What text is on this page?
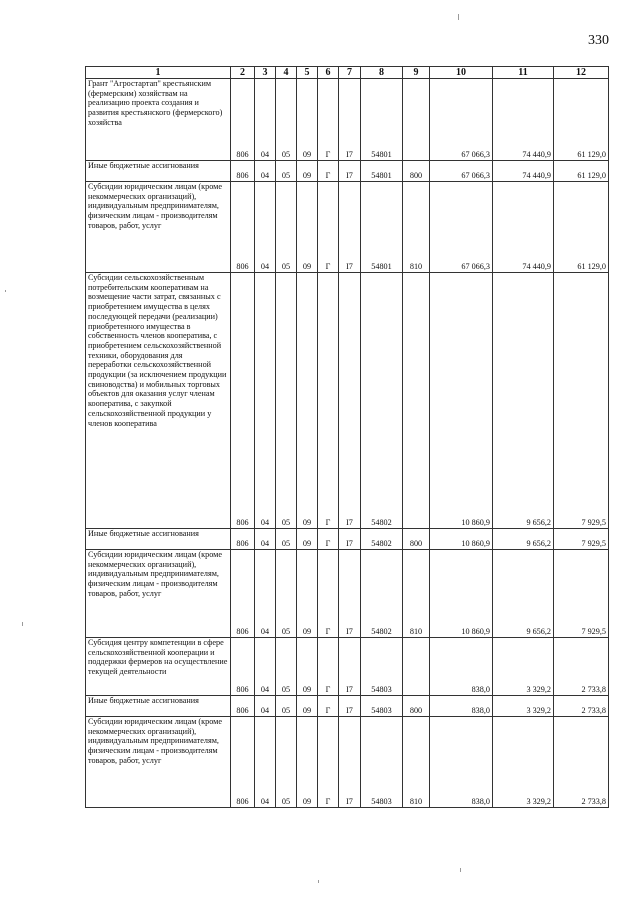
330
1	2	3	4	5	6	7	8	9	10	11	12
Грант "Агростартап" крестьянским (фермерским) хозяйствам на реализацию проекта создания и развития крестьянского (фермерского) хозяйства	806	04	05	09	Г	I7	54801		67 066,3	74 440,9	61 129,0
Иные бюджетные ассигнования	806	04	05	09	Г	I7	54801	800	67 066,3	74 440,9	61 129,0
Субсидии юридическим лицам (кроме некоммерческих организаций), индивидуальным предпринимателям, физическим лицам - производителям товаров, работ, услуг	806	04	05	09	Г	I7	54801	810	67 066,3	74 440,9	61 129,0
Субсидии сельскохозяйственным потребительским кооперативам на возмещение части затрат, связанных с приобретением имущества в целях последующей передачи (реализации) приобретенного имущества в собственность членов кооператива, с приобретением сельскохозяйственной техники, оборудования для переработки сельскохозяйственной продукции (за исключением продукции свиноводства) и мобильных торговых объектов для оказания услуг членам кооператива, с закупкой сельскохозяйственной продукции у членов кооператива	806	04	05	09	Г	I7	54802		10 860,9	9 656,2	7 929,5
Иные бюджетные ассигнования	806	04	05	09	Г	I7	54802	800	10 860,9	9 656,2	7 929,5
Субсидии юридическим лицам (кроме некоммерческих организаций), индивидуальным предпринимателям, физическим лицам - производителям товаров, работ, услуг	806	04	05	09	Г	I7	54802	810	10 860,9	9 656,2	7 929,5
Субсидия центру компетенции в сфере сельскохозяйственной кооперации и поддержки фермеров на осуществление текущей деятельности	806	04	05	09	Г	I7	54803		838,0	3 329,2	2 733,8
Иные бюджетные ассигнования	806	04	05	09	Г	I7	54803	800	838,0	3 329,2	2 733,8
Субсидии юридическим лицам (кроме некоммерческих организаций), индивидуальным предпринимателям, физическим лицам - производителям товаров, работ, услуг	806	04	05	09	Г	I7	54803	810	838,0	3 329,2	2 733,8
